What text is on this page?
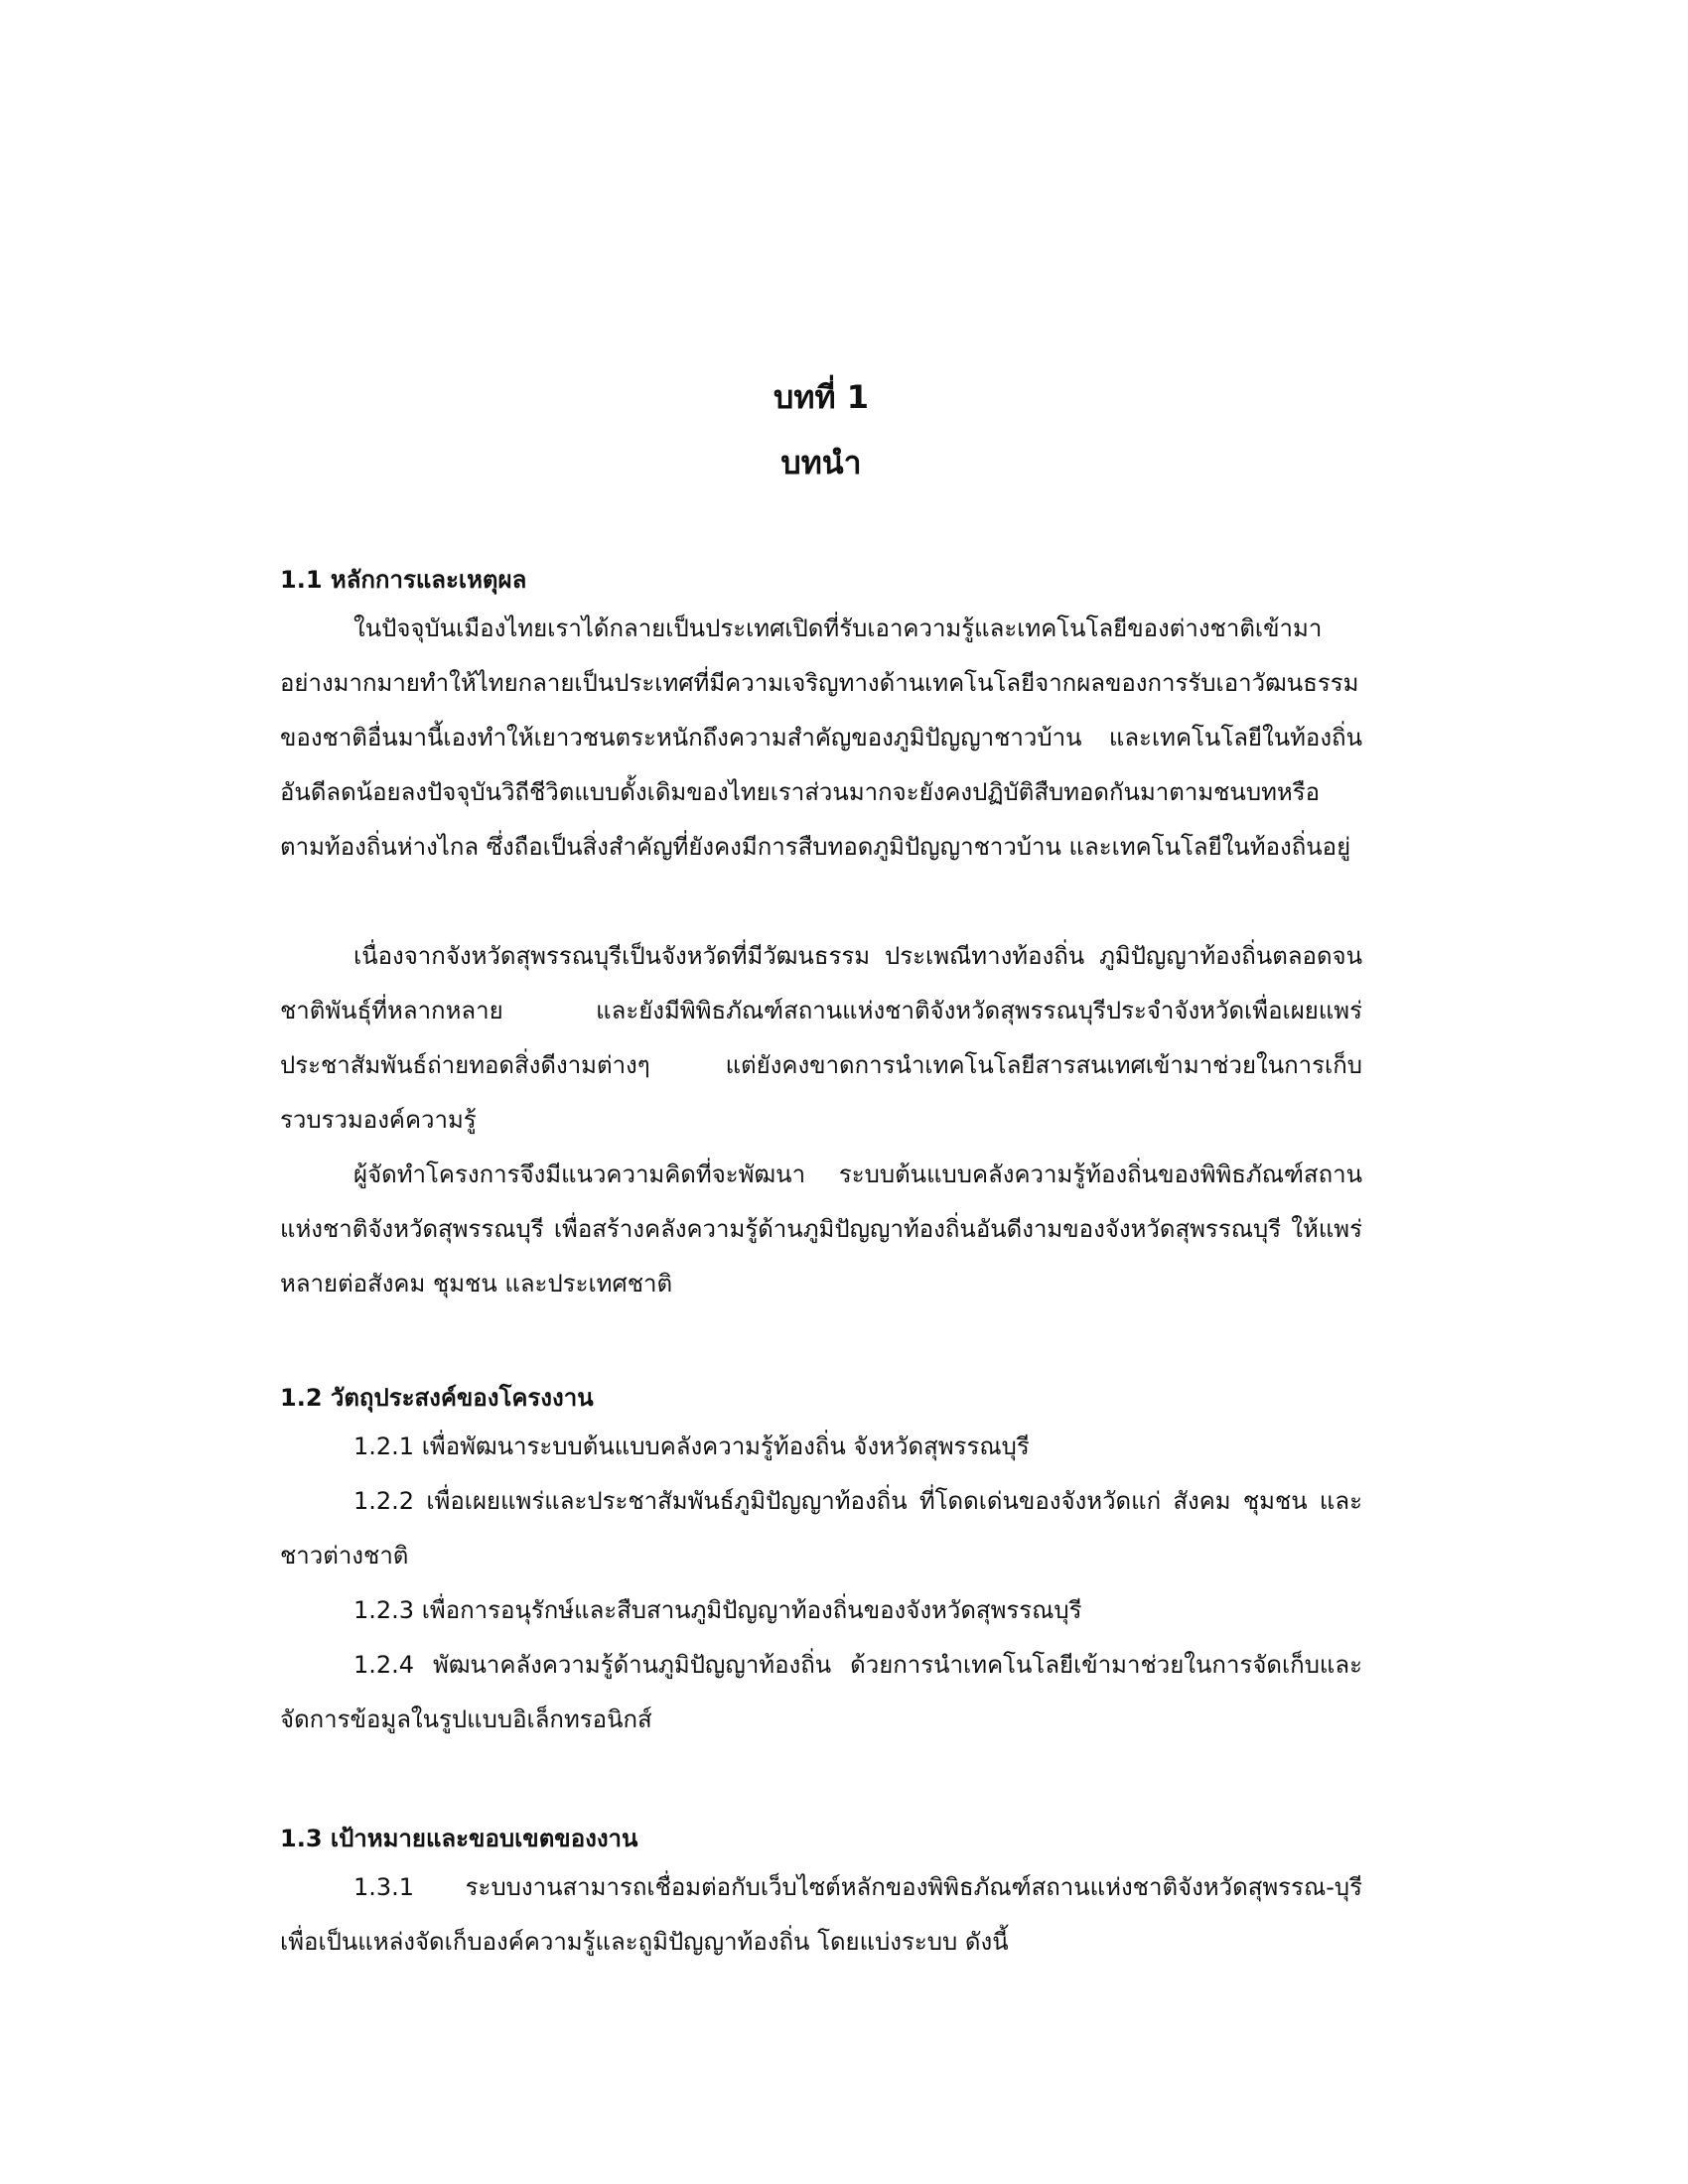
บทที่ 1
บทนำ
1.1 หลักการและเหตุผล

ในปัจจุบันเมืองไทยเราได้กลายเป็นประเทศเปิดที่รับเอาความรู้และเทคโนโลยีของต่างชาติเข้ามาอย่างมากมายทำให้ไทยกลายเป็นประเทศที่มีความเจริญทางด้านเทคโนโลยีจากผลของการรับเอาวัฒนธรรมของชาติอื่นมานี้เองทำให้เยาวชนตระหนักถึงความสำคัญของภูมิปัญญาชาวบ้าน และเทคโนโลยีในท้องถิ่นอันดีลดน้อยลงปัจจุบันวิถีชีวิตแบบดั้งเดิมของไทยเราส่วนมากจะยังคงปฏิบัติสืบทอดกันมาตามชนบทหรือตามท้องถิ่นห่างไกล ซึ่งถือเป็นสิ่งสำคัญที่ยังคงมีการสืบทอดภูมิปัญญาชาวบ้าน และเทคโนโลยีในท้องถิ่นอยู่

เนื่องจากจังหวัดสุพรรณบุรีเป็นจังหวัดที่มีวัฒนธรรม ประเพณีทางท้องถิ่น ภูมิปัญญาท้องถิ่นตลอดจนชาติพันธุ์ที่หลากหลาย และยังมีพิพิธภัณฑ์สถานแห่งชาติจังหวัดสุพรรณบุรีประจำจังหวัดเพื่อเผยแพร่ประชาสัมพันธ์ถ่ายทอดสิ่งดีงามต่างๆ แต่ยังคงขาดการนำเทคโนโลยีสารสนเทศเข้ามาช่วยในการเก็บรวบรวมองค์ความรู้

ผู้จัดทำโครงการจึงมีแนวความคิดที่จะพัฒนา ระบบต้นแบบคลังความรู้ท้องถิ่นของพิพิธภัณฑ์สถานแห่งชาติจังหวัดสุพรรณบุรี เพื่อสร้างคลังความรู้ด้านภูมิปัญญาท้องถิ่นอันดีงามของจังหวัดสุพรรณบุรี ให้แพร่หลายต่อสังคม ชุมชน และประเทศชาติ

1.2 วัตถุประสงค์ของโครงงาน

1.2.1 เพื่อพัฒนาระบบต้นแบบคลังความรู้ท้องถิ่น จังหวัดสุพรรณบุรี

1.2.2 เพื่อเผยแพร่และประชาสัมพันธ์ภูมิปัญญาท้องถิ่น ที่โดดเด่นของจังหวัดแก่ สังคม ชุมชน และชาวต่างชาติ

1.2.3 เพื่อการอนุรักษ์และสืบสานภูมิปัญญาท้องถิ่นของจังหวัดสุพรรณบุรี

1.2.4 พัฒนาคลังความรู้ด้านภูมิปัญญาท้องถิ่น ด้วยการนำเทคโนโลยีเข้ามาช่วยในการจัดเก็บและจัดการข้อมูลในรูปแบบอิเล็กทรอนิกส์

1.3 เป้าหมายและขอบเขตของงาน

1.3.1 ระบบงานสามารถเชื่อมต่อกับเว็บไซต์หลักของพิพิธภัณฑ์สถานแห่งชาติจังหวัดสุพรรณ-บุรี เพื่อเป็นแหล่งจัดเก็บองค์ความรู้และถูมิปัญญาท้องถิ่น โดยแบ่งระบบ ดังนี้
